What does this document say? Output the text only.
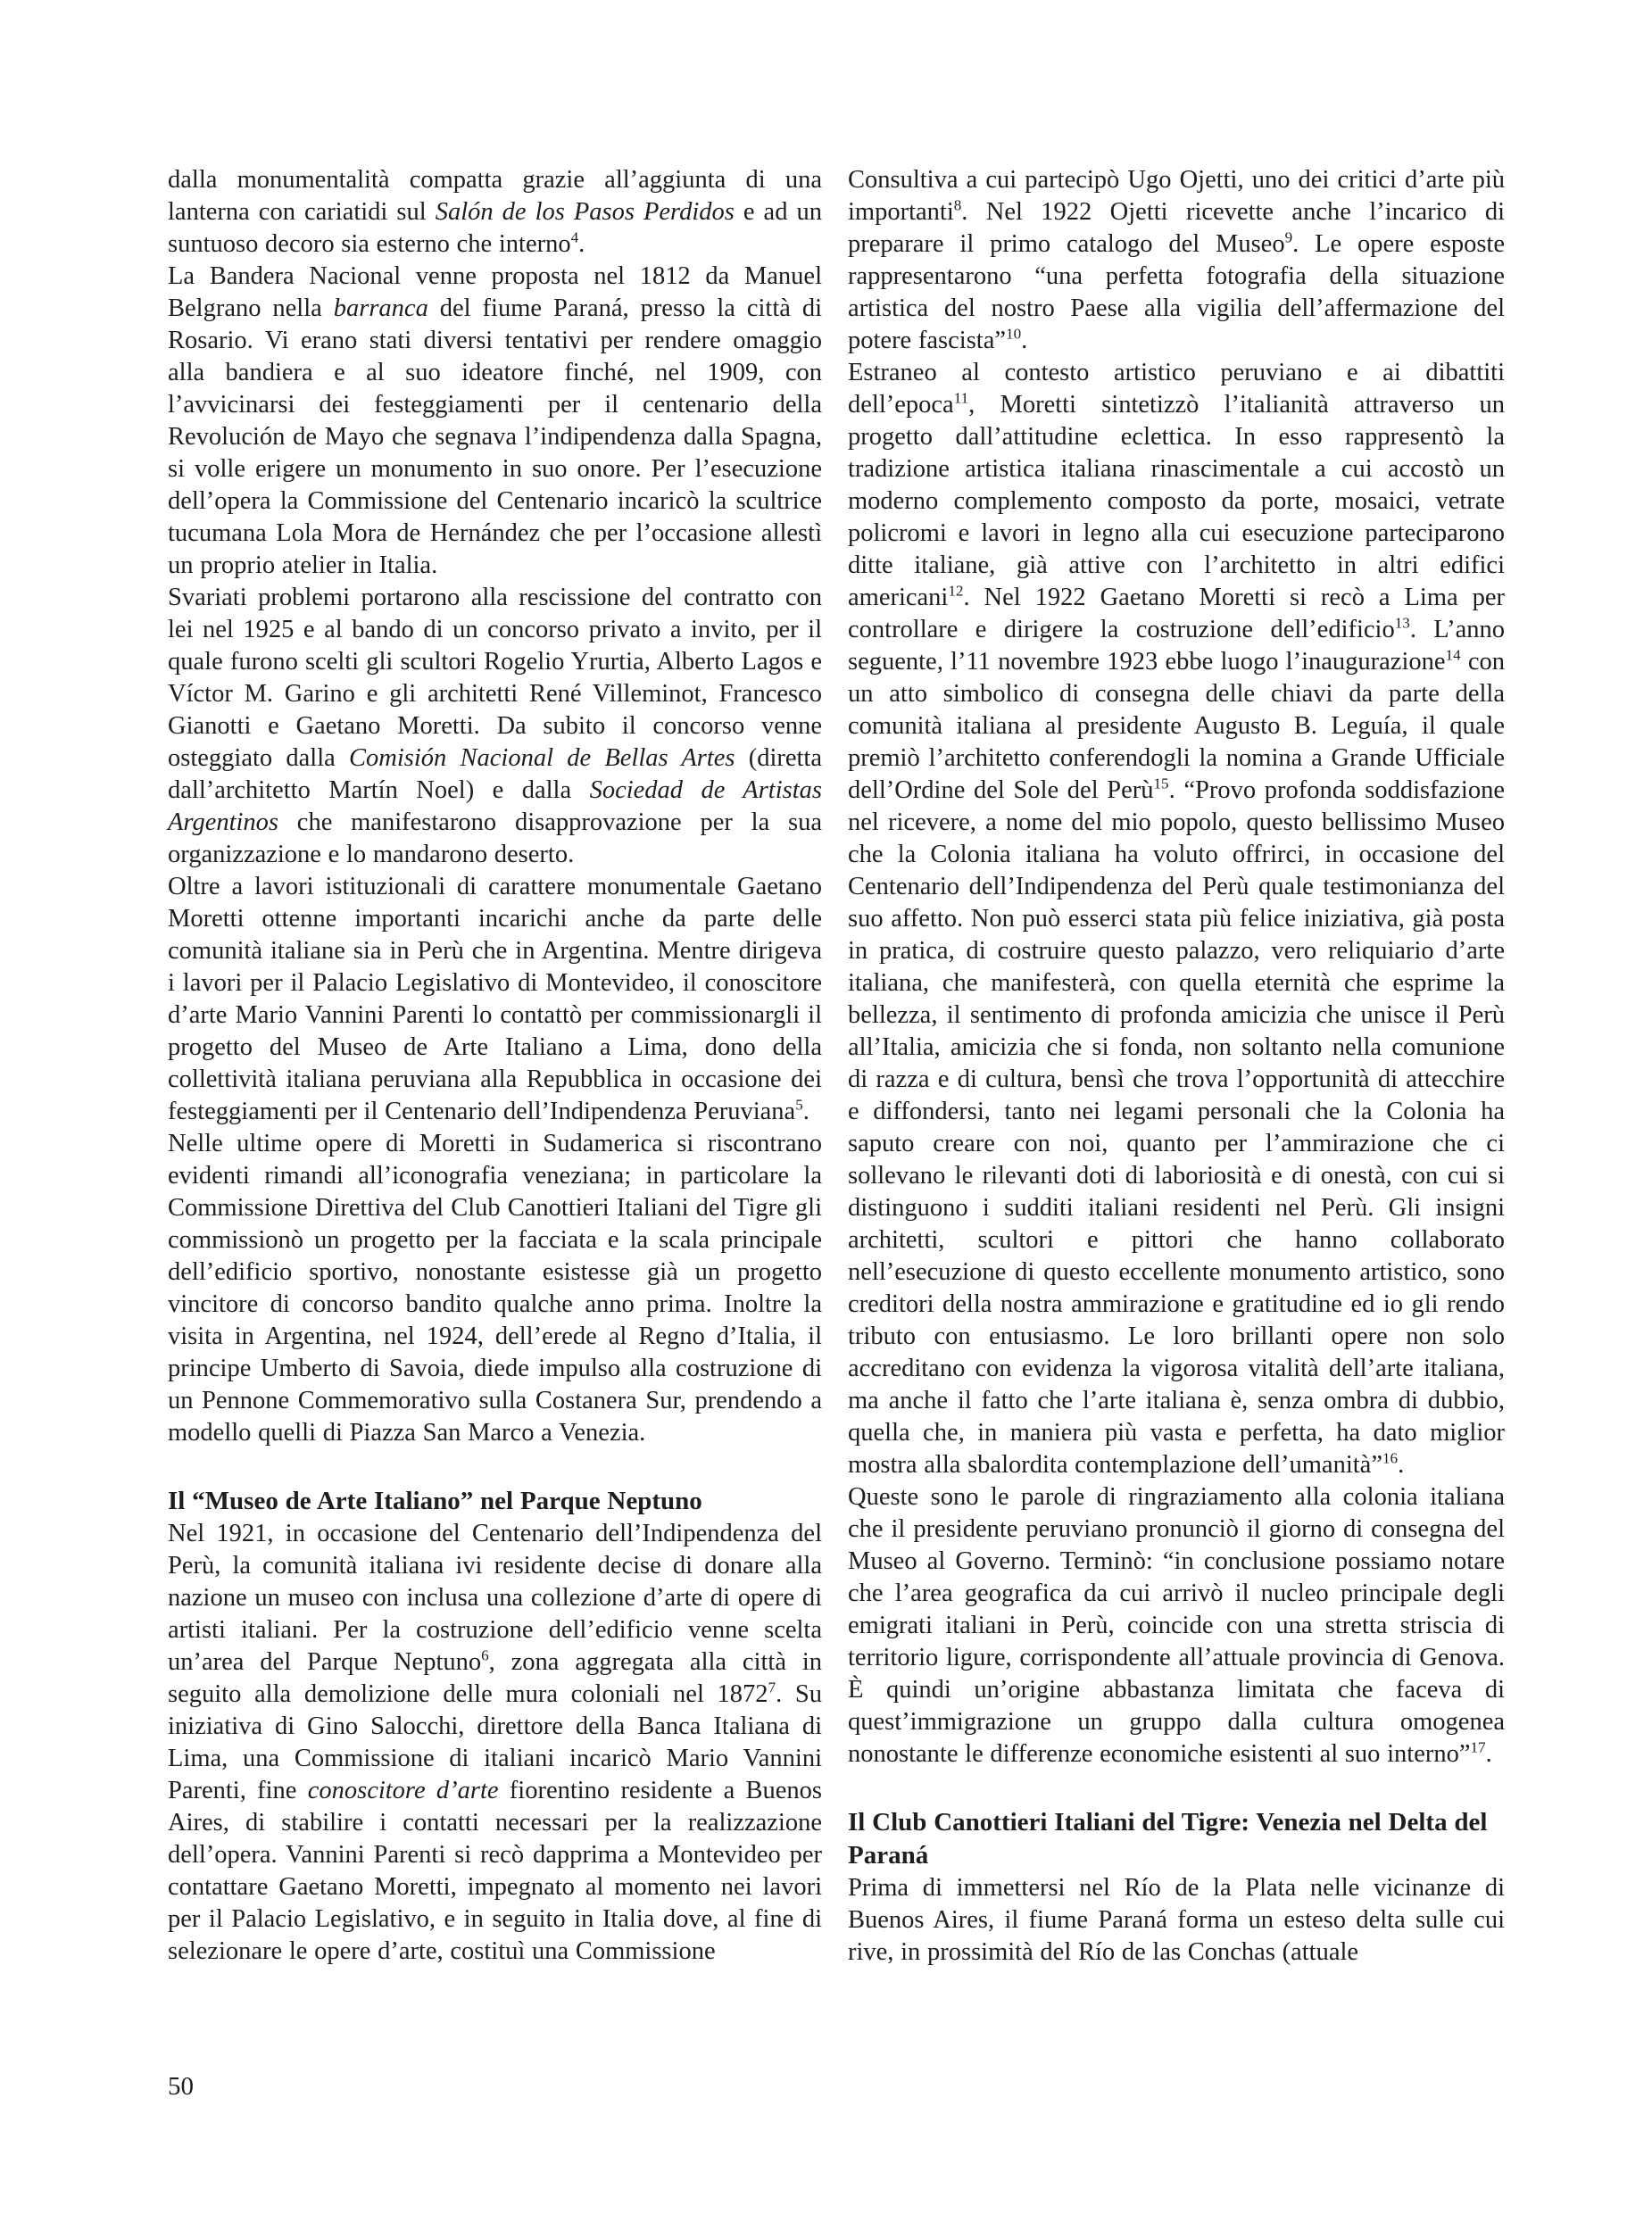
dalla monumentalità compatta grazie all’aggiunta di una lanterna con cariatidi sul Salón de los Pasos Perdidos e ad un suntuoso decoro sia esterno che interno$^4$.

La Bandera Nacional venne proposta nel 1812 da Manuel Belgrano nella barranca del fiume Paraná, presso la città di Rosario. Vi erano stati diversi tentativi per rendere omaggio alla bandiera e al suo ideatore finché, nel 1909, con l’avvicinarsi dei festeggiamenti per il centenario della Revolución de Mayo che segnava l’indipendenza dalla Spagna, si volle erigere un monumento in suo onore. Per l’esecuzione dell’opera la Commissione del Centenario incaricò la scultrice tucumana Lola Mora de Hernández che per l’occasione allestì un proprio atelier in Italia.

Svariati problemi portarono alla rescissione del contratto con lei nel 1925 e al bando di un concorso privato a invito, per il quale furono scelti gli scultori Rogelio Yrurtia, Alberto Lagos e Víctor M. Garino e gli architetti René Villeminot, Francesco Gianotti e Gaetano Moretti. Da subito il concorso venne osteggiato dalla Comisión Nacional de Bellas Artes (diretta dall’architetto Martín Noel) e dalla Sociedad de Artistas Argentinos che manifestarono disapprovazione per la sua organizzazione e lo mandarono deserto.

Oltre a lavori istituzionali di carattere monumentale Gaetano Moretti ottenne importanti incarichi anche da parte delle comunità italiane sia in Perù che in Argentina. Mentre dirigeva i lavori per il Palacio Legislativo di Montevideo, il conoscitore d’arte Mario Vannini Parenti lo contattò per commissionargli il progetto del Museo de Arte Italiano a Lima, dono della collettività italiana peruviana alla Repubblica in occasione dei festeggiamenti per il Centenario dell’Indipendenza Peruviana$^5$.

Nelle ultime opere di Moretti in Sudamerica si riscontrano evidenti rimandi all’iconografia veneziana; in particolare la Commissione Direttiva del Club Canottieri Italiani del Tigre gli commissionò un progetto per la facciata e la scala principale dell’edificio sportivo, nonostante esistesse già un progetto vincitore di concorso bandito qualche anno prima. Inoltre la visita in Argentina, nel 1924, dell’erede al Regno d’Italia, il principe Umberto di Savoia, diede impulso alla costruzione di un Pennone Commemorativo sulla Costanera Sur, prendendo a modello quelli di Piazza San Marco a Venezia.

Il “Museo de Arte Italiano” nel Parque Neptuno

Nel 1921, in occasione del Centenario dell’Indipendenza del Perù, la comunità italiana ivi residente decise di donare alla nazione un museo con inclusa una collezione d’arte di opere di artisti italiani. Per la costruzione dell’edificio venne scelta un’area del Parque Neptuno$^6$, zona aggregata alla città in seguito alla demolizione delle mura coloniali nel 1872$^7$. Su iniziativa di Gino Salocchi, direttore della Banca Italiana di Lima, una Commissione di italiani incaricò Mario Vannini Parenti, fine conoscitore d’arte fiorentino residente a Buenos Aires, di stabilire i contatti necessari per la realizzazione dell’opera. Vannini Parenti si recò dapprima a Montevideo per contattare Gaetano Moretti, impegnato al momento nei lavori per il Palacio Legislativo, e in seguito in Italia dove, al fine di selezionare le opere d’arte, costituì una Commissione

Consultiva a cui partecipò Ugo Ojetti, uno dei critici d’arte più importanti$^8$. Nel 1922 Ojetti ricevette anche l’incarico di preparare il primo catalogo del Museo$^9$. Le opere esposte rappresentarono “una perfetta fotografia della situazione artistica del nostro Paese alla vigilia dell’affermazione del potere fascista”$^{10}$.

Estraneo al contesto artistico peruviano e ai dibattiti dell’epoca$^{11}$, Moretti sintetizzò l’italianità attraverso un progetto dall’attitudine eclettica. In esso rappresentò la tradizione artistica italiana rinascimentale a cui accostò un moderno complemento composto da porte, mosaici, vetrate policromi e lavori in legno alla cui esecuzione parteciparono ditte italiane, già attive con l’architetto in altri edifici americani$^{12}$. Nel 1922 Gaetano Moretti si recò a Lima per controllare e dirigere la costruzione dell’edificio$^{13}$. L’anno seguente, l’11 novembre 1923 ebbe luogo l’inaugurazione$^{14}$ con un atto simbolico di consegna delle chiavi da parte della comunità italiana al presidente Augusto B. Leguía, il quale premiò l’architetto conferendogli la nomina a Grande Ufficiale dell’Ordine del Sole del Perù$^{15}$. “Provo profonda soddisfazione nel ricevere, a nome del mio popolo, questo bellissimo Museo che la Colonia italiana ha voluto offrirci, in occasione del Centenario dell’Indipendenza del Perù quale testimonianza del suo affetto. Non può esserci stata più felice iniziativa, già posta in pratica, di costruire questo palazzo, vero reliquiario d’arte italiana, che manifesterà, con quella eternità che esprime la bellezza, il sentimento di profonda amicizia che unisce il Perù all’Italia, amicizia che si fonda, non soltanto nella comunione di razza e di cultura, bensì che trova l’opportunità di attecchire e diffondersi, tanto nei legami personali che la Colonia ha saputo creare con noi, quanto per l’ammirazione che ci sollevano le rilevanti doti di laboriosità e di onestà, con cui si distinguono i sudditi italiani residenti nel Perù. Gli insigni architetti, scultori e pittori che hanno collaborato nell’esecuzione di questo eccellente monumento artistico, sono creditori della nostra ammirazione e gratitudine ed io gli rendo tributo con entusiasmo. Le loro brillanti opere non solo accreditano con evidenza la vigorosa vitalità dell’arte italiana, ma anche il fatto che l’arte italiana è, senza ombra di dubbio, quella che, in maniera più vasta e perfetta, ha dato miglior mostra alla sbalordita contemplazione dell’umanità”$^{16}$.

Queste sono le parole di ringraziamento alla colonia italiana che il presidente peruviano pronunciò il giorno di consegna del Museo al Governo. Terminò: “in conclusione possiamo notare che l’area geografica da cui arrivò il nucleo principale degli emigrati italiani in Perù, coincide con una stretta striscia di territorio ligure, corrispondente all’attuale provincia di Genova. È quindi un’origine abbastanza limitata che faceva di quest’immigrazione un gruppo dalla cultura omogenea nonostante le differenze economiche esistenti al suo interno”$^{17}$.

Il Club Canottieri Italiani del Tigre: Venezia nel Delta del Paraná

Prima di immettersi nel Río de la Plata nelle vicinanze di Buenos Aires, il fiume Paraná forma un esteso delta sulle cui rive, in prossimità del Río de las Conchas (attuale

50
